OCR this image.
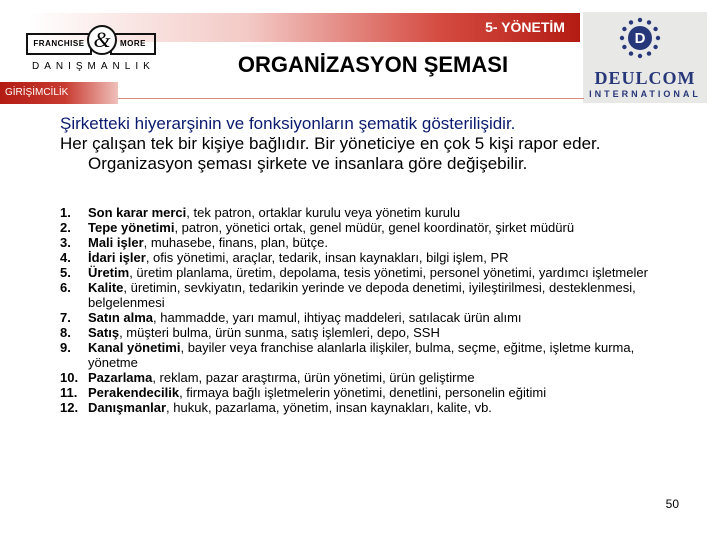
5- YÖNETİM
FRANCHISE	MORE
&
DANIŞMANLIK	ORGANİZASYON ŞEMASI
D
DEULCOM
INTERNATIONAL
GİRİŞİMCİLİK

Şirketteki hiyerarşinin ve fonksiyonların şematik gösterilişidir.

Her çalışan tek bir kişiye bağlıdır. Bir yöneticiye en çok 5 kişi rapor eder. Organizasyon şeması şirkete ve insanlara göre değişebilir.

1. Son karar merci, tek patron, ortaklar kurulu veya yönetim kurulu
2. Tepe yönetimi, patron, yönetici ortak, genel müdür, genel koordinatör, şirket müdürü
3. Mali işler, muhasebe, finans, plan, bütçe.
4. İdari işler, ofis yönetimi, araçlar, tedarik, insan kaynakları, bilgi işlem, PR
5. Üretim, üretim planlama, üretim, depolama, tesis yönetimi, personel yönetimi, yardımcı işletmeler
6. Kalite, üretimin, sevkiyatın, tedarikin yerinde ve depoda denetimi, iyileştirilmesi, desteklenmesi, belgelenmesi
7. Satın alma, hammadde, yarı mamul, ihtiyaç maddeleri, satılacak ürün alımı
8. Satış, müşteri bulma, ürün sunma, satış işlemleri, depo, SSH
9. Kanal yönetimi, bayiler veya franchise alanlarla ilişkiler, bulma, seçme, eğitme, işletme kurma, yönetme
10. Pazarlama, reklam, pazar araştırma, ürün yönetimi, ürün geliştirme
11. Perakendecilik, firmaya bağlı işletmelerin yönetimi, denetlini, personelin eğitimi
12. Danışmanlar, hukuk, pazarlama, yönetim, insan kaynakları, kalite, vb.
50
